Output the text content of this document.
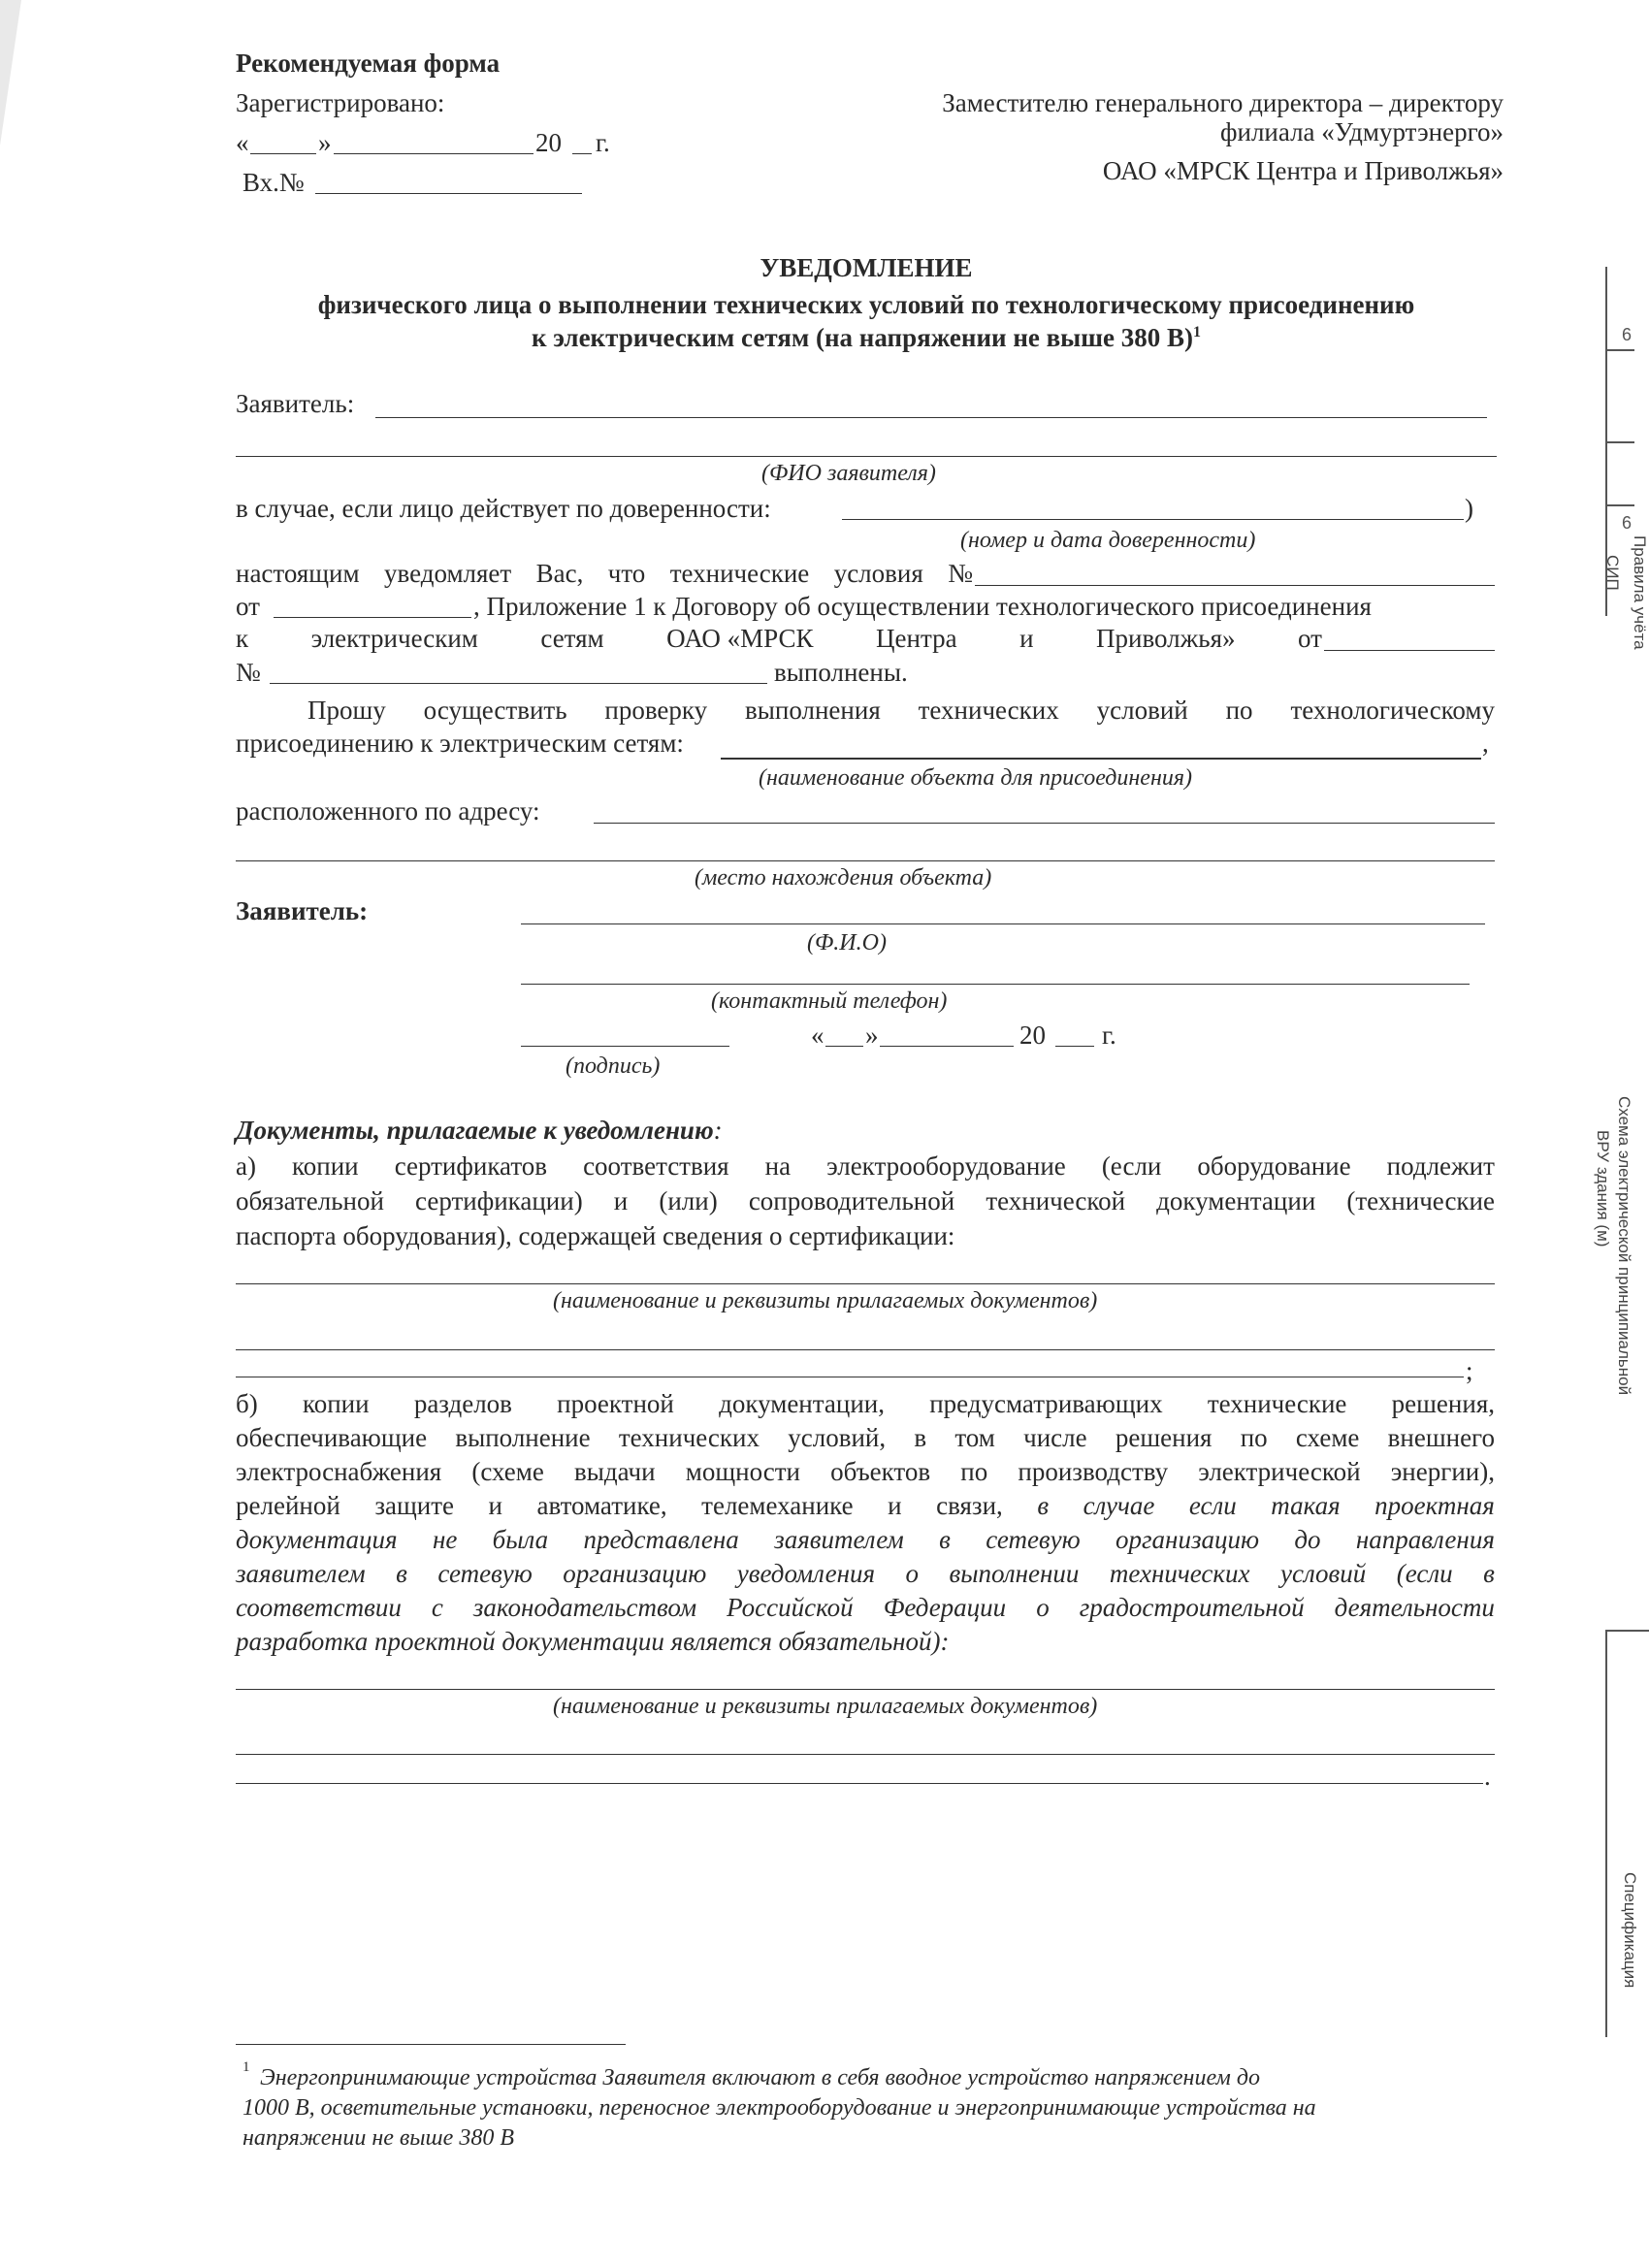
Рекомендуемая форма
Зарегистрировано:
«	»	20 г.
Вх.№
Заместителю генерального директора – директору
филиала «Удмуртэнерго»
ОАО «МРСК Центра и Приволжья»
УВЕДОМЛЕНИЕ
физического лица о выполнении технических условий по технологическому присоединению
к электрическим сетям (на напряжении не выше 380 В)$^1$
Заявитель:
(ФИО заявителя)
в случае, если лицо действует по доверенности:	)
(номер и дата доверенности)
настоящим уведомляет Вас, что технические условия №
от	, Приложение 1 к Договору об осуществлении технологического присоединения
к электрическим сетям ОАО «МРСК Центра и Приволжья» от
№	выполнены.
Прошу осуществить проверку выполнения технических условий по технологическому
присоединению к электрическим сетям:	,
(наименование объекта для присоединения)
расположенного по адресу:
(место нахождения объекта)
Заявитель:
(Ф.И.О)
(контактный телефон)
« »	20 г.
(подпись)
Документы, прилагаемые к уведомлению:
а) копии сертификатов соответствия на электрооборудование (если оборудование подлежит
обязательной сертификации) и (или) сопроводительной технической документации (технические
паспорта оборудования), содержащей сведения о сертификации:
(наименование и реквизиты прилагаемых документов)
;
б) копии разделов проектной документации, предусматривающих технические решения,
обеспечивающие выполнение технических условий, в том числе решения по схеме внешнего
электроснабжения (схеме выдачи мощности объектов по производству электрической энергии),
релейной защите и автоматике, телемеханике и связи, в случае если такая проектная
документация не была представлена заявителем в сетевую организацию до направления
заявителем в сетевую организацию уведомления о выполнении технических условий (если в
соответствии с законодательством Российской Федерации о градостроительной деятельности
разработка проектной документации является обязательной):
(наименование и реквизиты прилагаемых документов)
.
1 Энергопринимающие устройства Заявителя включают в себя вводное устройство напряжением до
1000 В, осветительные установки, переносное электрооборудование и энергопринимающие устройства на
напряжении не выше 380 В
6
6
Правила учёта
СИП
Схема электрической принципиальной
ВРУ здания (м)
Спецификация
